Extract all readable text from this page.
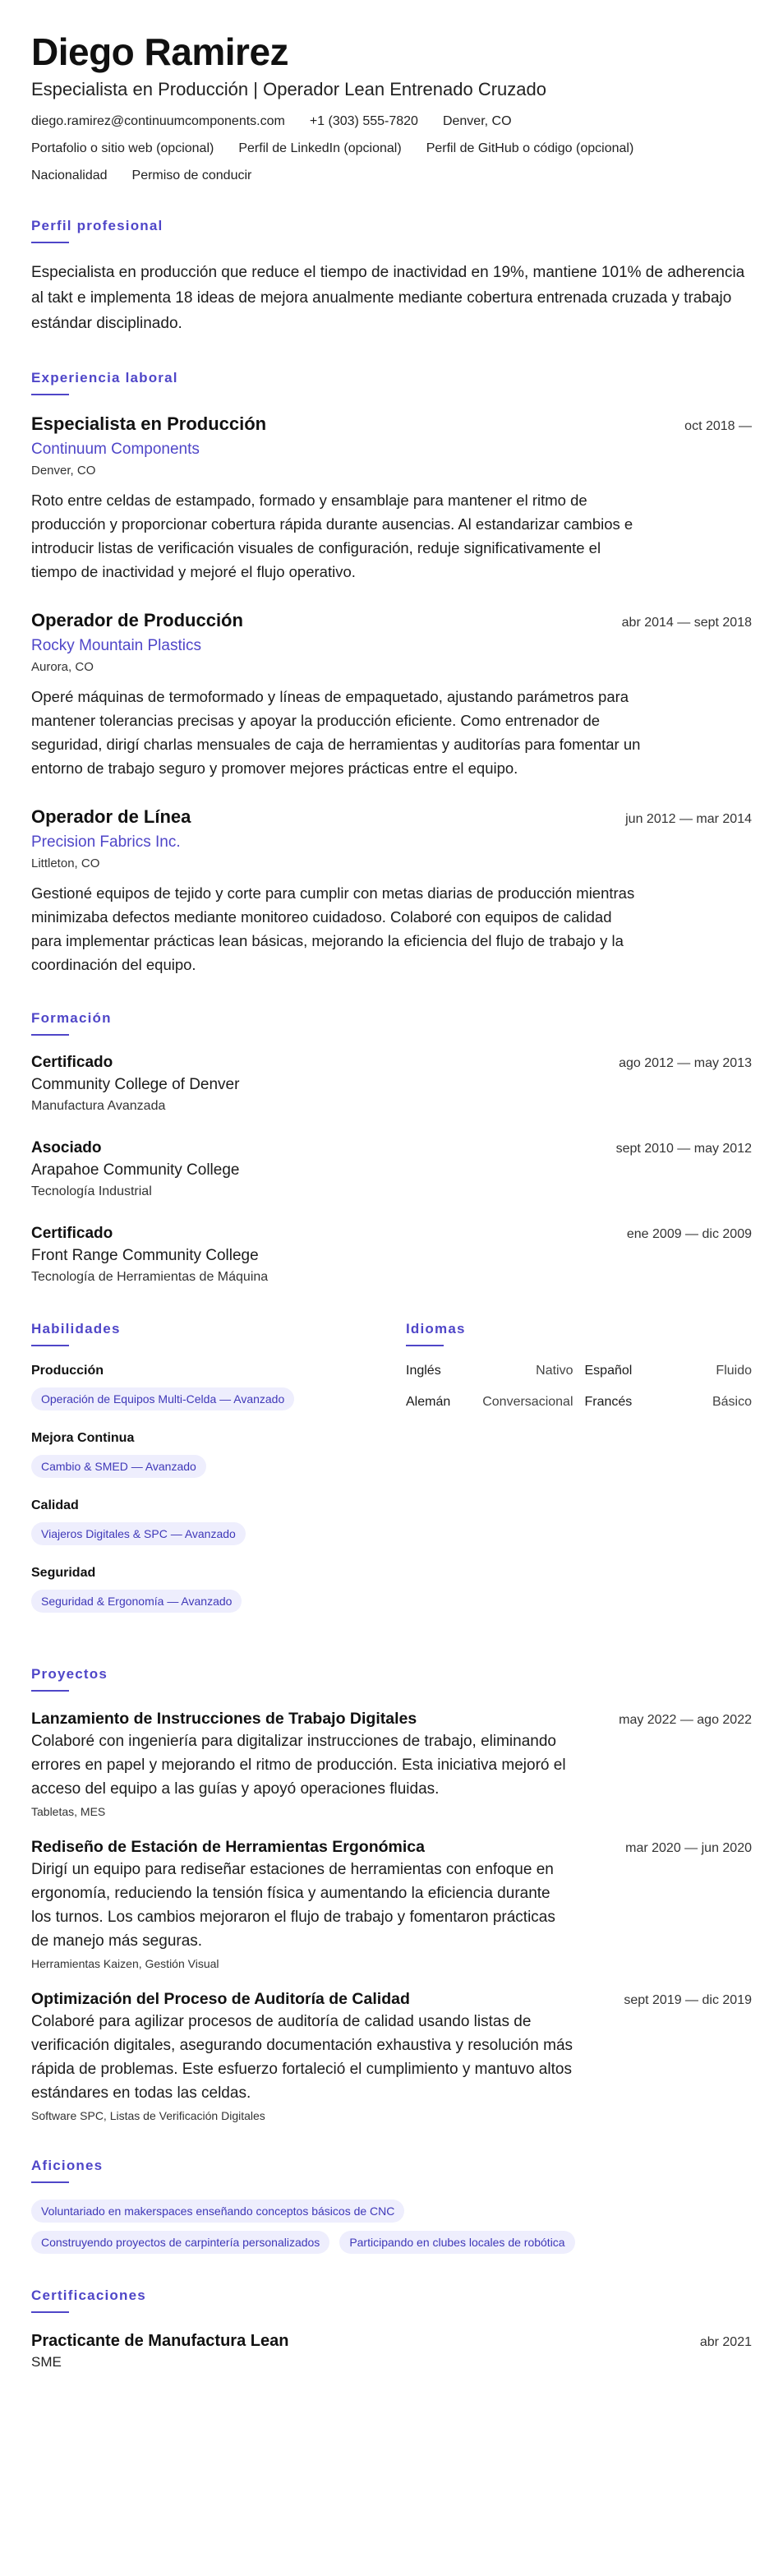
Diego Ramirez
Especialista en Producción | Operador Lean Entrenado Cruzado
diego.ramirez@continuumcomponents.com +1 (303) 555-7820 Denver, CO
Portafolio o sitio web (opcional) Perfil de LinkedIn (opcional) Perfil de GitHub o código (opcional)
Nacionalidad Permiso de conducir
Perfil profesional
Especialista en producción que reduce el tiempo de inactividad en 19%, mantiene 101% de adherencia al takt e implementa 18 ideas de mejora anualmente mediante cobertura entrenada cruzada y trabajo estándar disciplinado.
Experiencia laboral
Especialista en Producción	oct 2018 —
Continuum Components
Denver, CO
Roto entre celdas de estampado, formado y ensamblaje para mantener el ritmo de producción y proporcionar cobertura rápida durante ausencias. Al estandarizar cambios e introducir listas de verificación visuales de configuración, reduje significativamente el tiempo de inactividad y mejoré el flujo operativo.
Operador de Producción	abr 2014 — sept 2018
Rocky Mountain Plastics
Aurora, CO
Operé máquinas de termoformado y líneas de empaquetado, ajustando parámetros para mantener tolerancias precisas y apoyar la producción eficiente. Como entrenador de seguridad, dirigí charlas mensuales de caja de herramientas y auditorías para fomentar un entorno de trabajo seguro y promover mejores prácticas entre el equipo.
Operador de Línea	jun 2012 — mar 2014
Precision Fabrics Inc.
Littleton, CO
Gestioné equipos de tejido y corte para cumplir con metas diarias de producción mientras minimizaba defectos mediante monitoreo cuidadoso. Colaboré con equipos de calidad para implementar prácticas lean básicas, mejorando la eficiencia del flujo de trabajo y la coordinación del equipo.
Formación
Certificado	ago 2012 — may 2013
Community College of Denver
Manufactura Avanzada
Asociado	sept 2010 — may 2012
Arapahoe Community College
Tecnología Industrial
Certificado	ene 2009 — dic 2009
Front Range Community College
Tecnología de Herramientas de Máquina
Habilidades
Producción
Operación de Equipos Multi-Celda — Avanzado
Mejora Continua
Cambio & SMED — Avanzado
Calidad
Viajeros Digitales & SPC — Avanzado
Seguridad
Seguridad & Ergonomía — Avanzado
Idiomas
Inglés	Nativo Español	Fluido
Alemán Conversacional Francés	Básico
Proyectos
Lanzamiento de Instrucciones de Trabajo Digitales	may 2022 — ago 2022
Colaboré con ingeniería para digitalizar instrucciones de trabajo, eliminando errores en papel y mejorando el ritmo de producción. Esta iniciativa mejoró el acceso del equipo a las guías y apoyó operaciones fluidas.
Tabletas, MES
Rediseño de Estación de Herramientas Ergonómica	mar 2020 — jun 2020
Dirigí un equipo para rediseñar estaciones de herramientas con enfoque en ergonomía, reduciendo la tensión física y aumentando la eficiencia durante los turnos. Los cambios mejoraron el flujo de trabajo y fomentaron prácticas de manejo más seguras.
Herramientas Kaizen, Gestión Visual
Optimización del Proceso de Auditoría de Calidad	sept 2019 — dic 2019
Colaboré para agilizar procesos de auditoría de calidad usando listas de verificación digitales, asegurando documentación exhaustiva y resolución más rápida de problemas. Este esfuerzo fortaleció el cumplimiento y mantuvo altos estándares en todas las celdas.
Software SPC, Listas de Verificación Digitales
Aficiones
Voluntariado en makerspaces enseñando conceptos básicos de CNC
Construyendo proyectos de carpintería personalizados	Participando en clubes locales de robótica
Certificaciones
Practicante de Manufactura Lean	abr 2021
SME
